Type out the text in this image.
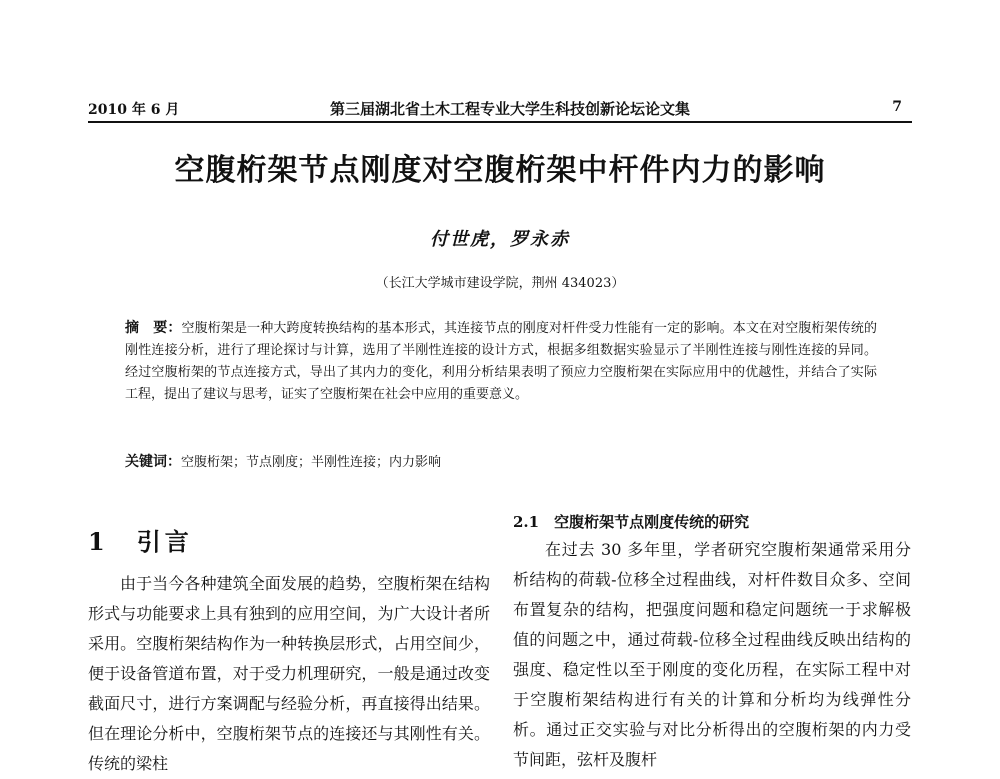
2010 年 6 月	第三届湖北省土木工程专业大学生科技创新论坛论文集	7
空腹桁架节点刚度对空腹桁架中杆件内力的影响
付世虎，罗永赤
（长江大学城市建设学院，荆州 434023）
摘　要：空腹桁架是一种大跨度转换结构的基本形式，其连接节点的刚度对杆件受力性能有一定的影响。本文在对空腹桁架传统的刚性连接分析，进行了理论探讨与计算，选用了半刚性连接的设计方式，根据多组数据实验显示了半刚性连接与刚性连接的异同。经过空腹桁架的节点连接方式，导出了其内力的变化，利用分析结果表明了预应力空腹桁架在实际应用中的优越性，并结合了实际工程，提出了建议与思考，证实了空腹桁架在社会中应用的重要意义。
关键词：空腹桁架；节点刚度；半刚性连接；内力影响
1　引言

由于当今各种建筑全面发展的趋势，空腹桁架在结构形式与功能要求上具有独到的应用空间，为广大设计者所采用。空腹桁架结构作为一种转换层形式，占用空间少，便于设备管道布置，对于受力机理研究，一般是通过改变截面尺寸，进行方案调配与经验分析，再直接得出结果。但在理论分析中，空腹桁架节点的连接还与其刚性有关。传统的梁柱

2.1　空腹桁架节点刚度传统的研究

在过去 30 多年里，学者研究空腹桁架通常采用分析结构的荷载-位移全过程曲线，对杆件数目众多、空间布置复杂的结构，把强度问题和稳定问题统一于求解极值的问题之中，通过荷载-位移全过程曲线反映出结构的强度、稳定性以至于刚度的变化历程，在实际工程中对于空腹桁架结构进行有关的计算和分析均为线弹性分析。通过正交实验与对比分析得出的空腹桁架的内力受节间距，弦杆及腹杆
